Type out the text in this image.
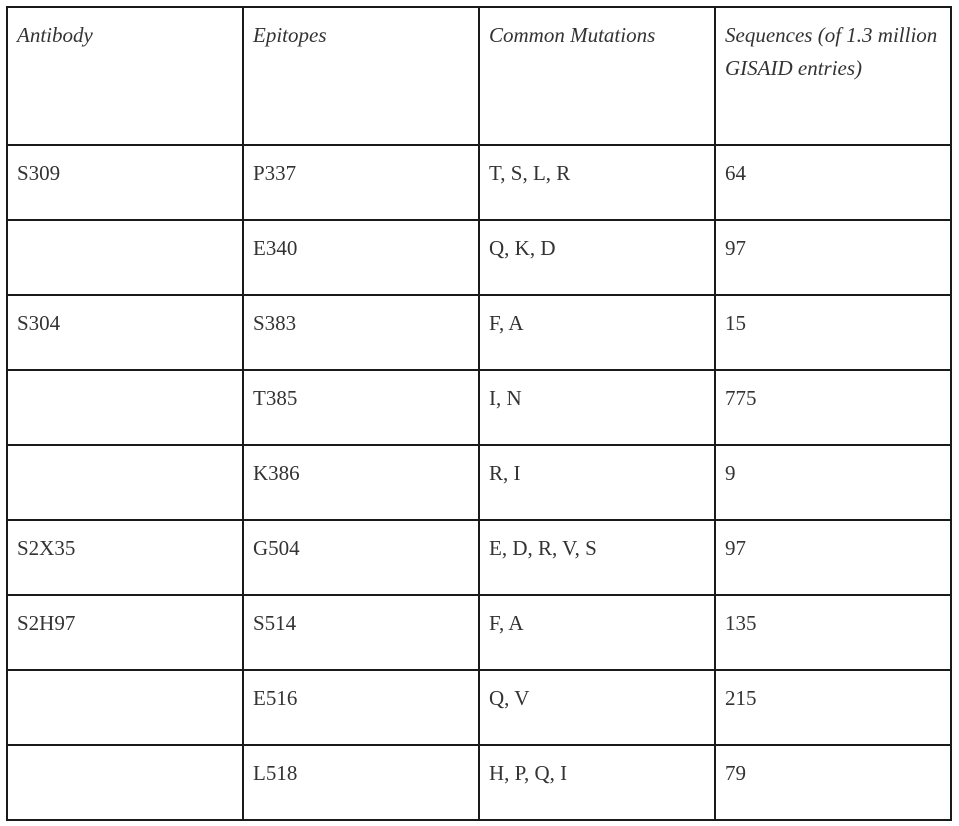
Antibody	Epitopes	Common Mutations	Sequences (of 1.3 million GISAID entries)
S309	P337	T, S, L, R	64
	E340	Q, K, D	97
S304	S383	F, A	15
	T385	I, N	775
	K386	R, I	9
S2X35	G504	E, D, R, V, S	97
S2H97	S514	F, A	135
	E516	Q, V	215
	L518	H, P, Q, I	79
